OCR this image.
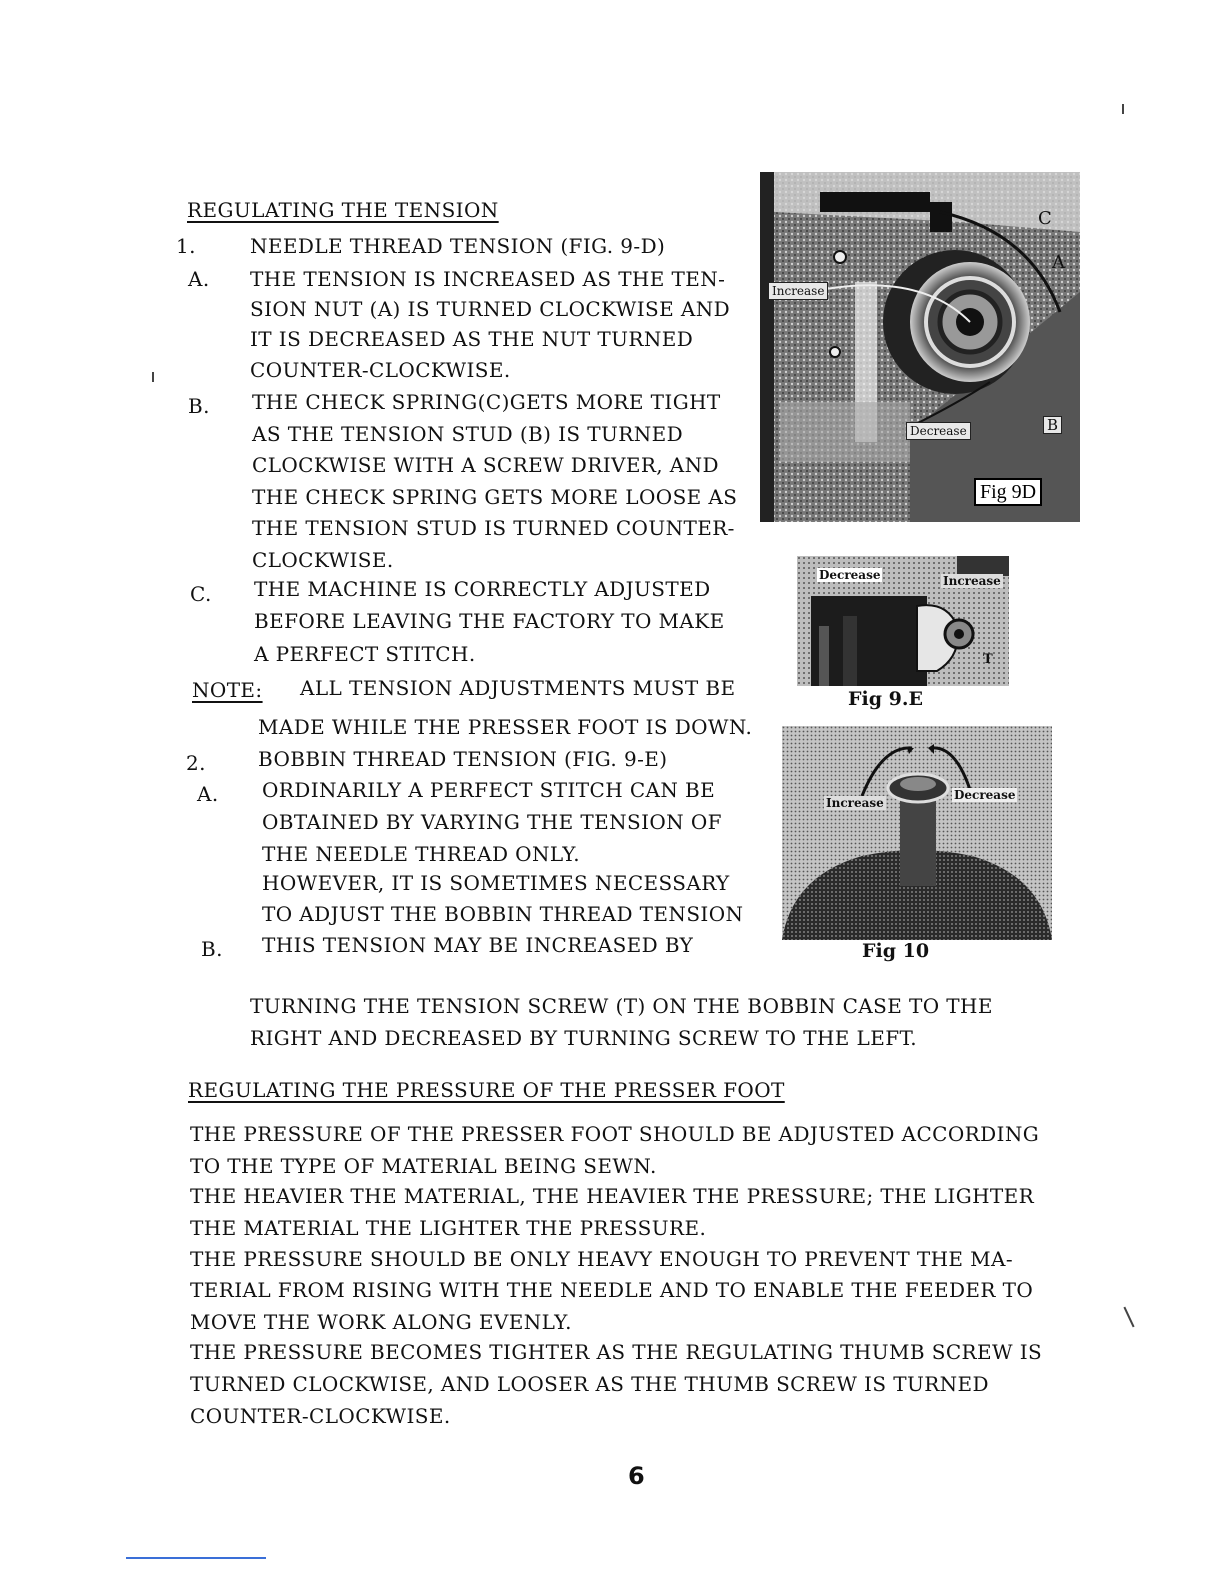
REGULATING THE TENSION
1.	NEEDLE THREAD TENSION (FIG. 9-D)
A. THE TENSION IS INCREASED AS THE TEN-
SION NUT (A) IS TURNED CLOCKWISE AND
IT IS DECREASED AS THE NUT TURNED
COUNTER-CLOCKWISE.
B. THE CHECK SPRING(C)GETS MORE TIGHT
AS THE TENSION STUD (B) IS TURNED
CLOCKWISE WITH A SCREW DRIVER, AND
THE CHECK SPRING GETS MORE LOOSE AS
THE TENSION STUD IS TURNED COUNTER-
CLOCKWISE.
C. THE MACHINE IS CORRECTLY ADJUSTED
BEFORE LEAVING THE FACTORY TO MAKE
A PERFECT STITCH.
NOTE: ALL TENSION ADJUSTMENTS MUST BE
MADE WHILE THE PRESSER FOOT IS DOWN.
2.	BOBBIN THREAD TENSION (FIG. 9-E)
A. ORDINARILY A PERFECT STITCH CAN BE
OBTAINED BY VARYING THE TENSION OF
THE NEEDLE THREAD ONLY.
HOWEVER, IT IS SOMETIMES NECESSARY
TO ADJUST THE BOBBIN THREAD TENSION
B. THIS TENSION MAY BE INCREASED BY
TURNING THE TENSION SCREW (T) ON THE BOBBIN CASE TO THE
RIGHT AND DECREASED BY TURNING SCREW TO THE LEFT.
REGULATING THE PRESSURE OF THE PRESSER FOOT
THE PRESSURE OF THE PRESSER FOOT SHOULD BE ADJUSTED ACCORDING
TO THE TYPE OF MATERIAL BEING SEWN.
THE HEAVIER THE MATERIAL, THE HEAVIER THE PRESSURE; THE LIGHTER
THE MATERIAL THE LIGHTER THE PRESSURE.
THE PRESSURE SHOULD BE ONLY HEAVY ENOUGH TO PREVENT THE MA-
TERIAL FROM RISING WITH THE NEEDLE AND TO ENABLE THE FEEDER TO
MOVE THE WORK ALONG EVENLY.
THE PRESSURE BECOMES TIGHTER AS THE REGULATING THUMB SCREW IS
TURNED CLOCKWISE, AND LOOSER AS THE THUMB SCREW IS TURNED
COUNTER-CLOCKWISE.
6
Increase
Decrease	B
C
A
Fig 9D
Decrease	Increase
T
Fig 9.E
Increase
Decrease
Fig 10
